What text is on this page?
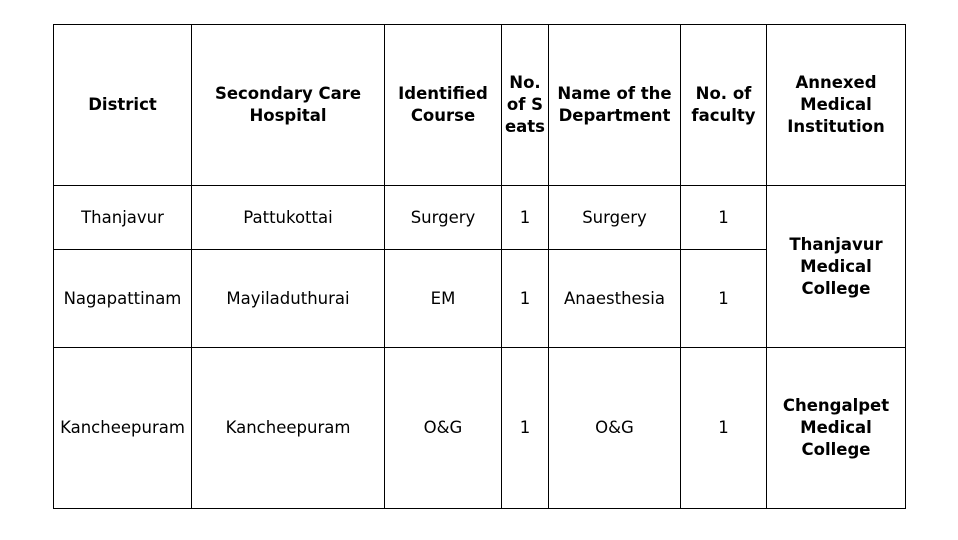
District	Secondary Care Hospital	Identified Course	No. of Seats	Name of the Department	No. of faculty	Annexed Medical Institution
Thanjavur	Pattukottai	Surgery	1	Surgery	1	Thanjavur Medical College
Nagapattinam	Mayiladuthurai	EM	1	Anaesthesia	1	
Kancheepuram	Kancheepuram	O&G	1	O&G	1	Chengalpet Medical College
